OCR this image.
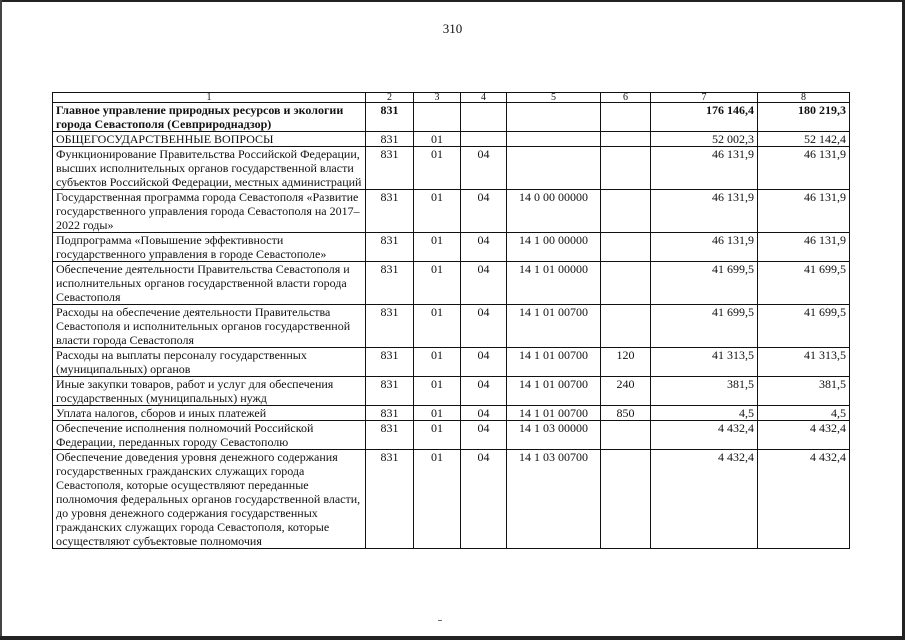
310
1	2	3	4	5	6	7	8
Главное управление природных ресурсов и экологии города Севастополя (Севприроднадзор)	831					176 146,4	180 219,3
ОБЩЕГОСУДАРСТВЕННЫЕ ВОПРОСЫ	831	01				52 002,3	52 142,4
Функционирование Правительства Российской Федерации, высших исполнительных органов государственной власти субъектов Российской Федерации, местных администраций	831	01	04			46 131,9	46 131,9
Государственная программа города Севастополя «Развитие государственного управления города Севастополя на 2017–2022 годы»	831	01	04	14 0 00 00000		46 131,9	46 131,9
Подпрограмма «Повышение эффективности государственного управления в городе Севастополе»	831	01	04	14 1 00 00000		46 131,9	46 131,9
Обеспечение деятельности Правительства Севастополя и исполнительных органов государственной власти города Севастополя	831	01	04	14 1 01 00000		41 699,5	41 699,5
Расходы на обеспечение деятельности Правительства Севастополя и исполнительных органов государственной власти города Севастополя	831	01	04	14 1 01 00700		41 699,5	41 699,5
Расходы на выплаты персоналу государственных (муниципальных) органов	831	01	04	14 1 01 00700	120	41 313,5	41 313,5
Иные закупки товаров, работ и услуг для обеспечения государственных (муниципальных) нужд	831	01	04	14 1 01 00700	240	381,5	381,5
Уплата налогов, сборов и иных платежей	831	01	04	14 1 01 00700	850	4,5	4,5
Обеспечение исполнения полномочий Российской Федерации, переданных городу Севастополю	831	01	04	14 1 03 00000		4 432,4	4 432,4
Обеспечение доведения уровня денежного содержания государственных гражданских служащих города Севастополя, которые осуществляют переданные полномочия федеральных органов государственной власти, до уровня денежного содержания государственных гражданских служащих города Севастополя, которые осуществляют субъектовые полномочия	831	01	04	14 1 03 00700		4 432,4	4 432,4
